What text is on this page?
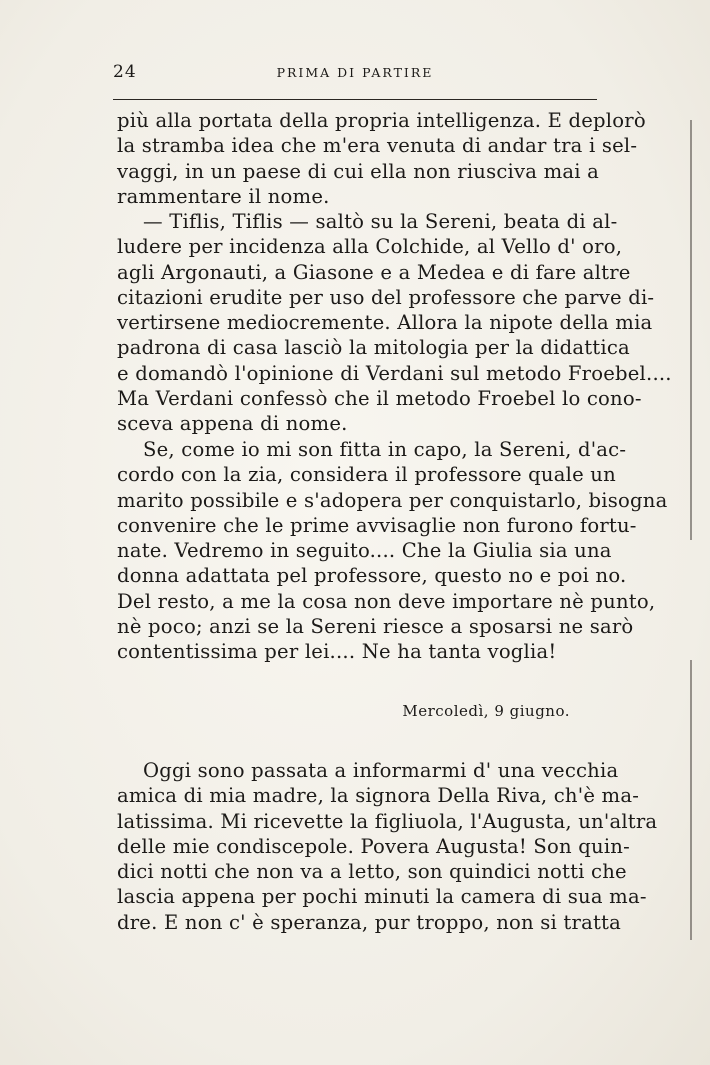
24	PRIMA DI PARTIRE
più alla portata della propria intelligenza. E deplorò
la stramba idea che m'era venuta di andar tra i sel-
vaggi, in un paese di cui ella non riusciva mai a
rammentare il nome.
— Tiflis, Tiflis — saltò su la Sereni, beata di al-
ludere per incidenza alla Colchide, al Vello d' oro,
agli Argonauti, a Giasone e a Medea e di fare altre
citazioni erudite per uso del professore che parve di-
vertirsene mediocremente. Allora la nipote della mia
padrona di casa lasciò la mitologia per la didattica
e domandò l'opinione di Verdani sul metodo Froebel....
Ma Verdani confessò che il metodo Froebel lo cono-
sceva appena di nome.
Se, come io mi son fitta in capo, la Sereni, d'ac-
cordo con la zia, considera il professore quale un
marito possibile e s'adopera per conquistarlo, bisogna
convenire che le prime avvisaglie non furono fortu-
nate. Vedremo in seguito.... Che la Giulia sia una
donna adattata pel professore, questo no e poi no.
Del resto, a me la cosa non deve importare nè punto,
nè poco; anzi se la Sereni riesce a sposarsi ne sarò
contentissima per lei.... Ne ha tanta voglia!
Mercoledì, 9 giugno.
Oggi sono passata a informarmi d' una vecchia
amica di mia madre, la signora Della Riva, ch'è ma-
latissima. Mi ricevette la figliuola, l'Augusta, un'altra
delle mie condiscepole. Povera Augusta! Son quin-
dici notti che non va a letto, son quindici notti che
lascia appena per pochi minuti la camera di sua ma-
dre. E non c' è speranza, pur troppo, non si tratta
